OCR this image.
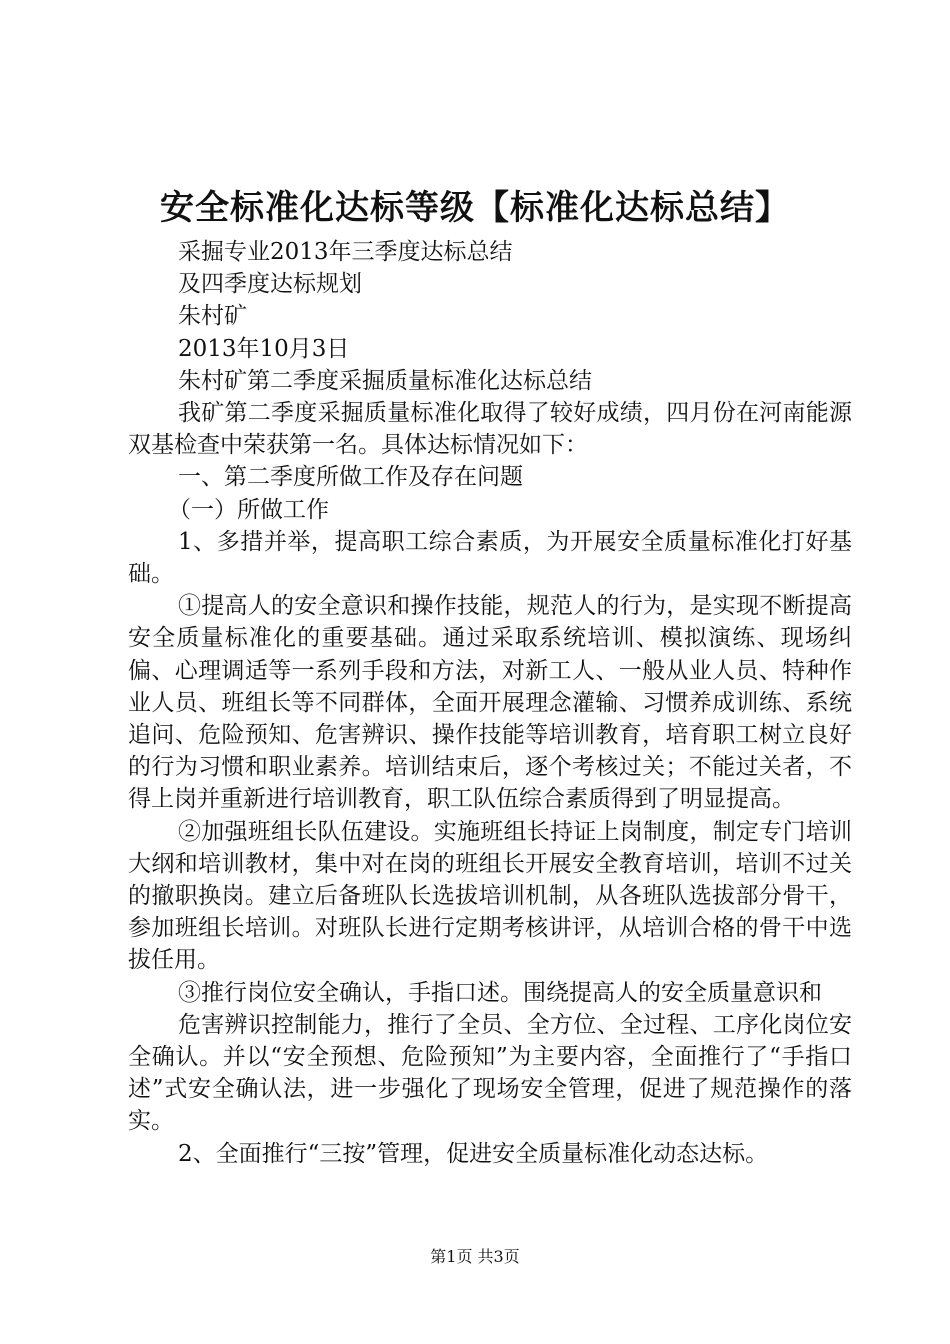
安全标准化达标等级【标准化达标总结】

采掘专业2013年三季度达标总结

及四季度达标规划

朱村矿

2013年10月3日

朱村矿第二季度采掘质量标准化达标总结

我矿第二季度采掘质量标准化取得了较好成绩，四月份在河南能源双基检查中荣获第一名。具体达标情况如下：

一、第二季度所做工作及存在问题

（一）所做工作

1、多措并举，提高职工综合素质，为开展安全质量标准化打好基础。

①提高人的安全意识和操作技能，规范人的行为，是实现不断提高安全质量标准化的重要基础。通过采取系统培训、模拟演练、现场纠偏、心理调适等一系列手段和方法，对新工人、一般从业人员、特种作业人员、班组长等不同群体，全面开展理念灌输、习惯养成训练、系统追问、危险预知、危害辨识、操作技能等培训教育，培育职工树立良好的行为习惯和职业素养。培训结束后，逐个考核过关；不能过关者，不得上岗并重新进行培训教育，职工队伍综合素质得到了明显提高。

②加强班组长队伍建设。实施班组长持证上岗制度，制定专门培训大纲和培训教材，集中对在岗的班组长开展安全教育培训，培训不过关的撤职换岗。建立后备班队长选拔培训机制，从各班队选拔部分骨干，参加班组长培训。对班队长进行定期考核讲评，从培训合格的骨干中选拔任用。

③推行岗位安全确认，手指口述。围绕提高人的安全质量意识和

危害辨识控制能力，推行了全员、全方位、全过程、工序化岗位安全确认。并以“安全预想、危险预知”为主要内容，全面推行了“手指口述”式安全确认法，进一步强化了现场安全管理，促进了规范操作的落实。

2、全面推行“三按”管理，促进安全质量标准化动态达标。

第1页 共3页
